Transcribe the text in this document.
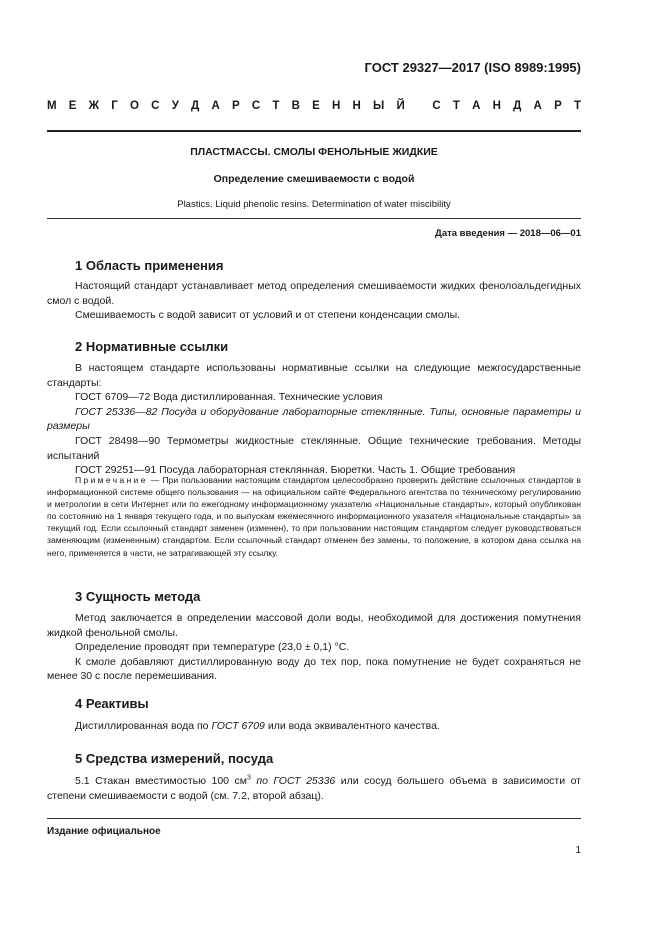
ГОСТ 29327—2017 (ISO 8989:1995)
М Е Ж Г О С У Д А Р С Т В Е Н Н Ы Й
С Т А Н Д А Р Т
ПЛАСТМАССЫ. СМОЛЫ ФЕНОЛЬНЫЕ ЖИДКИЕ
Определение смешиваемости с водой
Plastics. Liquid phenolic resins. Determination of water miscibility
Дата введения — 2018—06—01
1 Область применения
Настоящий стандарт устанавливает метод определения смешиваемости жидких фенолоальдегидных смол с водой.
Смешиваемость с водой зависит от условий и от степени конденсации смолы.
2 Нормативные ссылки
В настоящем стандарте использованы нормативные ссылки на следующие межгосударственные стандарты:
ГОСТ 6709—72 Вода дистиллированная. Технические условия
ГОСТ 25336—82 Посуда и оборудование лабораторные стеклянные. Типы, основные параметры и размеры
ГОСТ 28498—90 Термометры жидкостные стеклянные. Общие технические требования. Методы испытаний
ГОСТ 29251—91 Посуда лабораторная стеклянная. Бюретки. Часть 1. Общие требования
Примечание — При пользовании настоящим стандартом целесообразно проверить действие ссылочных стандартов в информационной системе общего пользования — на официальном сайте Федерального агентства по техническому регулированию и метрологии в сети Интернет или по ежегодному информационному указателю «Национальные стандарты», который опубликован по состоянию на 1 января текущего года, и по выпускам ежемесячного информационного указателя «Национальные стандарты» за текущий год. Если ссылочный стандарт заменен (изменен), то при пользовании настоящим стандартом следует руководствоваться заменяющим (измененным) стандартом. Если ссылочный стандарт отменен без замены, то положение, в котором дана ссылка на него, применяется в части, не затрагивающей эту ссылку.
3 Сущность метода
Метод заключается в определении массовой доли воды, необходимой для достижения помутнения жидкой фенольной смолы.
Определение проводят при температуре (23,0 ± 0,1) °С.
К смоле добавляют дистиллированную воду до тех пор, пока помутнение не будет сохраняться не менее 30 с после перемешивания.
4 Реактивы
Дистиллированная вода по ГОСТ 6709 или вода эквивалентного качества.
5 Средства измерений, посуда
5.1 Стакан вместимостью 100 $см^3$ по ГОСТ 25336 или сосуд большего объема в зависимости от степени смешиваемости с водой (см. 7.2, второй абзац).
Издание официальное
1
